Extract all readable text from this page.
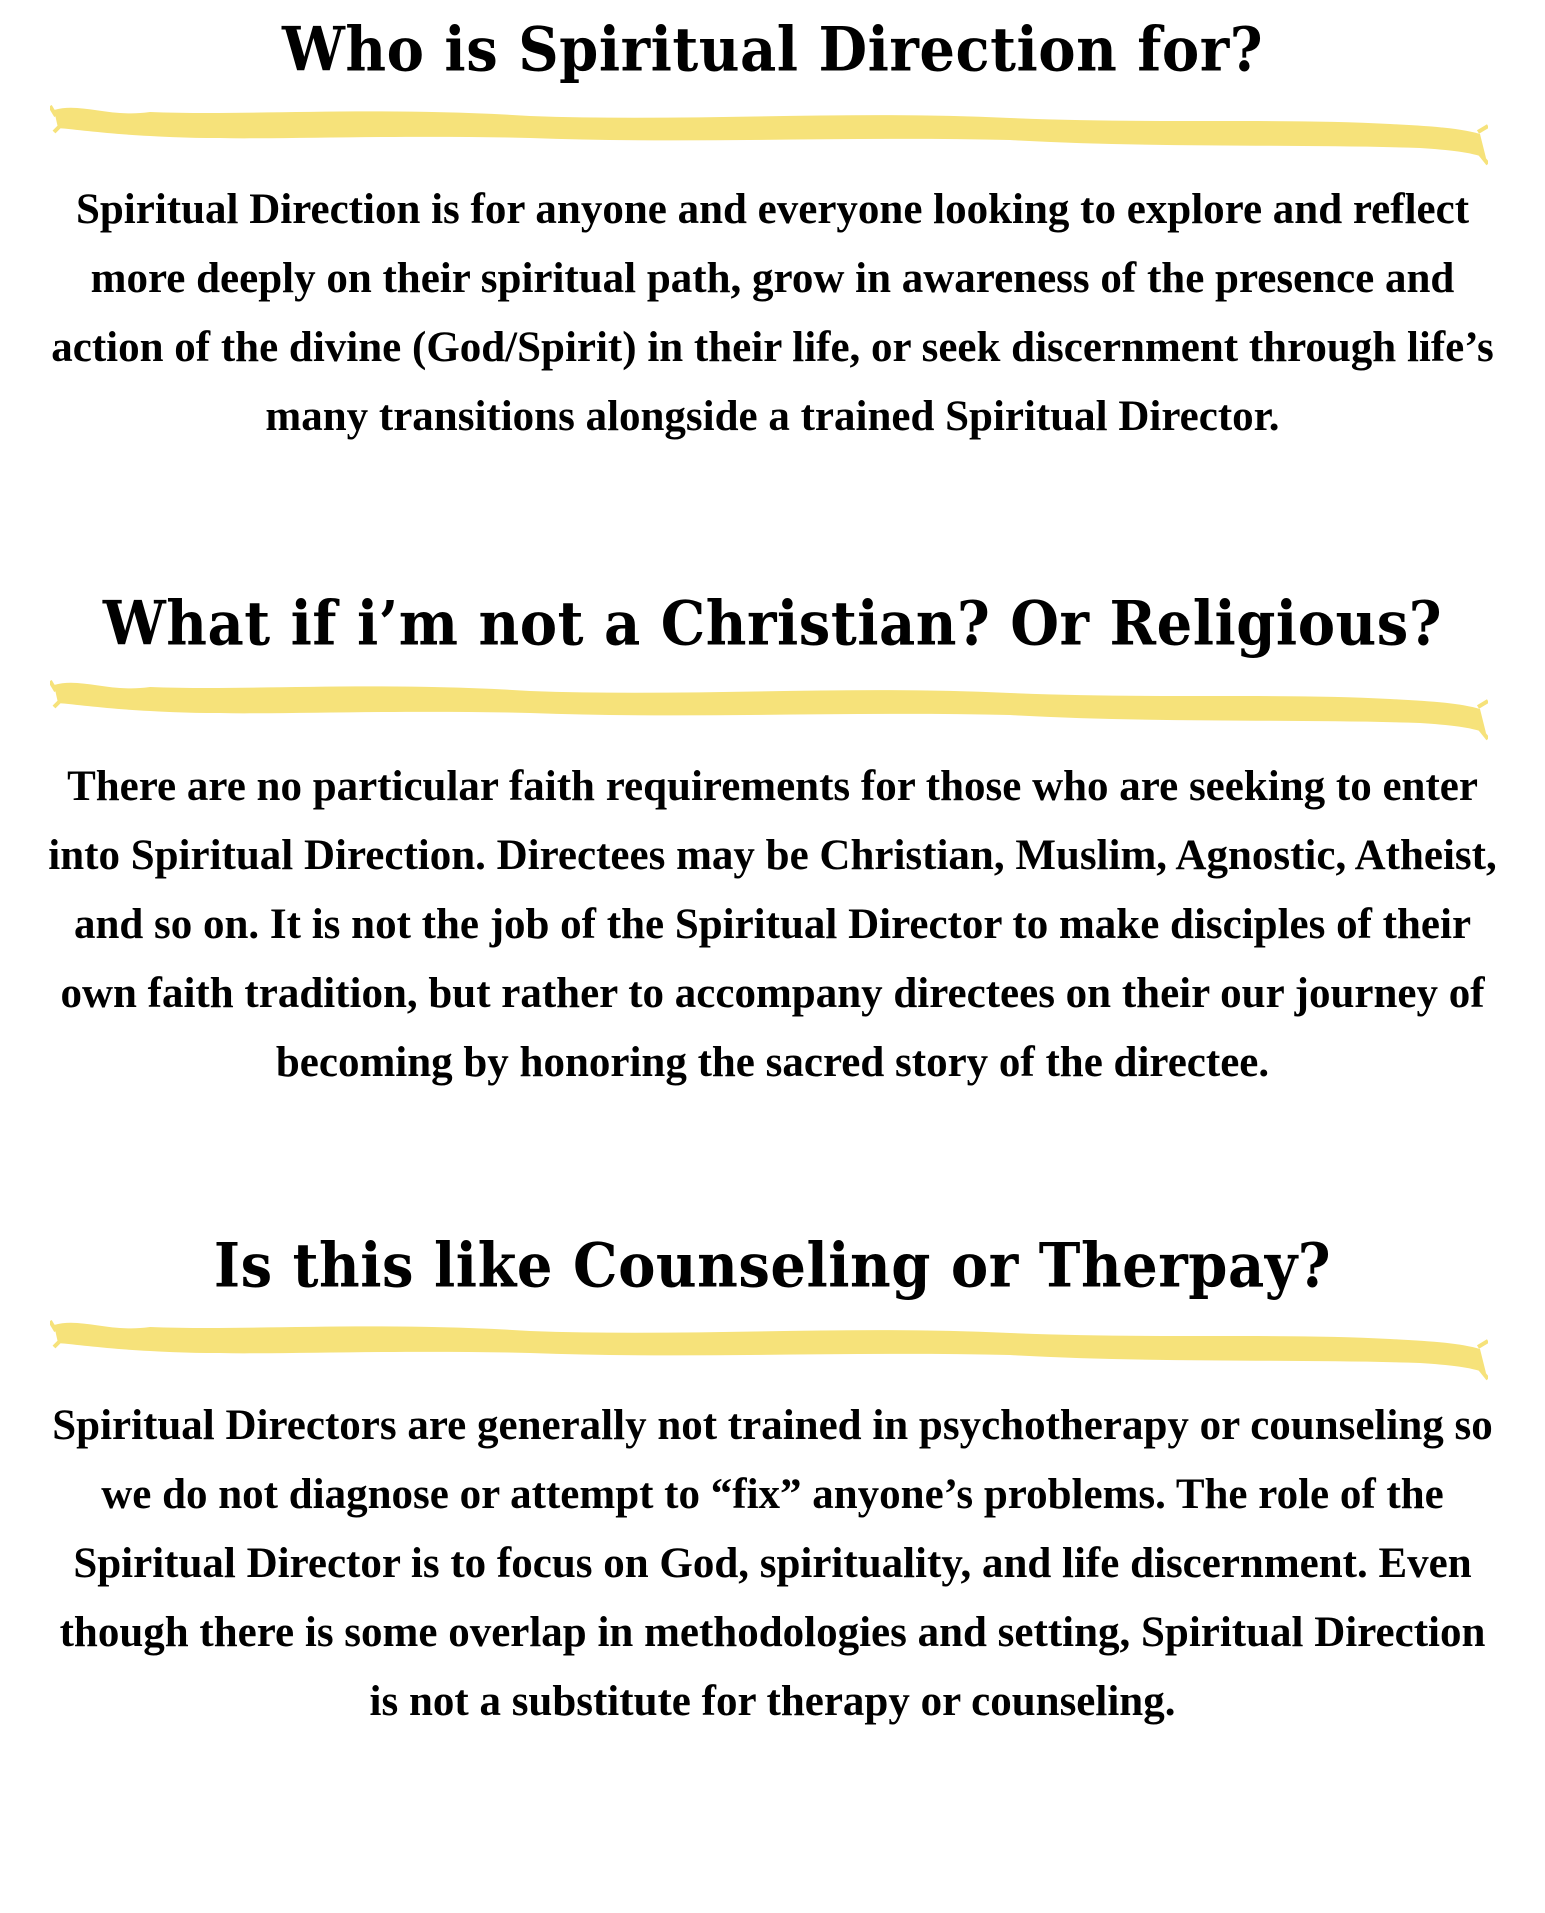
Who is Spiritual Direction for?

Spiritual Direction is for anyone and everyone looking to explore and reflect more deeply on their spiritual path, grow in awareness of the presence and action of the divine (God/Spirit) in their life, or seek discernment through life’s many transitions alongside a trained Spiritual Director.

What if i’m not a Christian? Or Religious?

There are no particular faith requirements for those who are seeking to enter into Spiritual Direction. Directees may be Christian, Muslim, Agnostic, Atheist, and so on. It is not the job of the Spiritual Director to make disciples of their own faith tradition, but rather to accompany directees on their our journey of becoming by honoring the sacred story of the directee.

Is this like Counseling or Therpay?

Spiritual Directors are generally not trained in psychotherapy or counseling so we do not diagnose or attempt to “fix” anyone’s problems. The role of the Spiritual Director is to focus on God, spirituality, and life discernment. Even though there is some overlap in methodologies and setting, Spiritual Direction is not a substitute for therapy or counseling.
